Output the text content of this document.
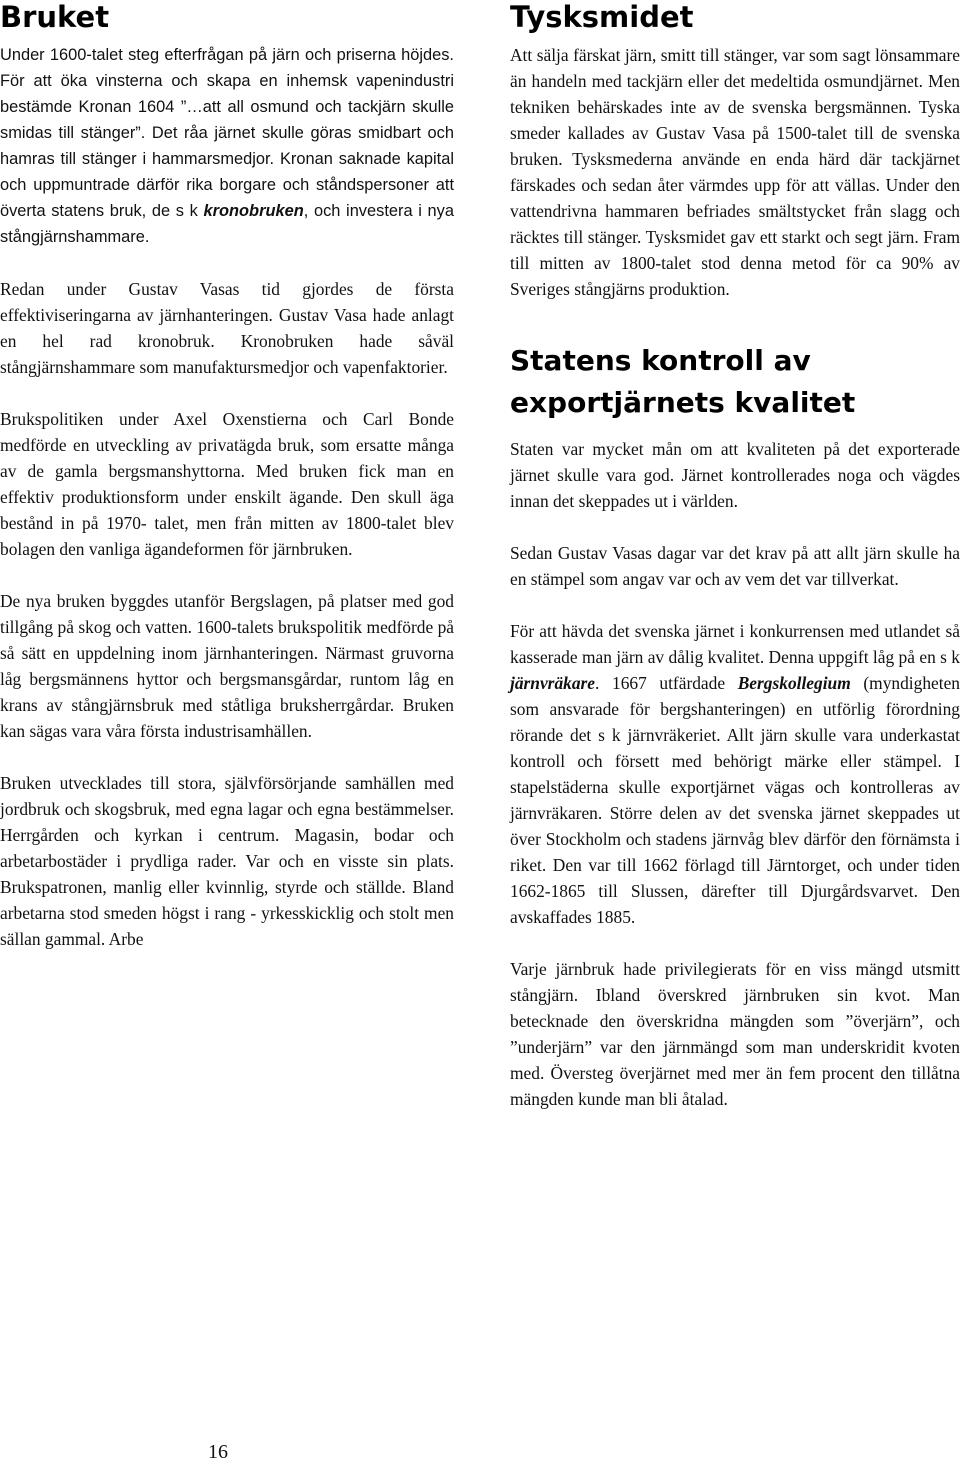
Bruket

Under 1600-talet steg efterfrågan på järn och priserna höjdes. För att öka vinsterna och skapa en inhemsk vapenindustri bestämde Kronan 1604 ”…att all osmund och tackjärn skulle smidas till stänger”. Det råa järnet skulle göras smidbart och hamras till stänger i hammarsmedjor. Kronan saknade kapital och uppmuntrade därför rika borgare och ståndspersoner att överta statens bruk, de s k kronobruken, och investera i nya stångjärnshammare.

Redan under Gustav Vasas tid gjordes de första effektiviseringarna av järnhanteringen. Gustav Vasa hade anlagt en hel rad kronobruk. Kronobruken hade såväl stångjärnshammare som manufaktursmedjor och vapenfaktorier.

Brukspolitiken under Axel Oxenstierna och Carl Bonde medförde en utveckling av privatägda bruk, som ersatte många av de gamla bergsmanshyttorna. Med bruken fick man en effektiv produktionsform under enskilt ägande. Den skull äga bestånd in på 1970- talet, men från mitten av 1800-talet blev bolagen den vanliga ägandeformen för järnbruken.

De nya bruken byggdes utanför Bergslagen, på platser med god tillgång på skog och vatten. 1600-talets brukspolitik medförde på så sätt en uppdelning inom järnhanteringen. Närmast gruvorna låg bergsmännens hyttor och bergsmansgårdar, runtom låg en krans av stångjärnsbruk med ståtliga bruksherrgårdar. Bruken kan sägas vara våra första industrisamhällen.

Bruken utvecklades till stora, självförsörjande samhällen med jordbruk och skogsbruk, med egna lagar och egna bestämmelser. Herrgården och kyrkan i centrum. Magasin, bodar och arbetarbostäder i prydliga rader. Var och en visste sin plats. Brukspatronen, manlig eller kvinnlig, styrde och ställde. Bland arbetarna stod smeden högst i rang - yrkesskicklig och stolt men sällan gammal. Arbe

Tysksmidet

Att sälja färskat järn, smitt till stänger, var som sagt lönsammare än handeln med tackjärn eller det medeltida osmundjärnet. Men tekniken behärskades inte av de svenska bergsmännen. Tyska smeder kallades av Gustav Vasa på 1500-talet till de svenska bruken. Tysksmederna använde en enda härd där tackjärnet färskades och sedan åter värmdes upp för att vällas. Under den vattendrivna hammaren befriades smältstycket från slagg och räcktes till stänger. Tysksmidet gav ett starkt och segt järn. Fram till mitten av 1800-talet stod denna metod för ca 90% av Sveriges stångjärns produktion.

Statens kontroll av
exportjärnets kvalitet

Staten var mycket mån om att kvaliteten på det exporterade järnet skulle vara god. Järnet kontrollerades noga och vägdes innan det skeppades ut i världen.

Sedan Gustav Vasas dagar var det krav på att allt järn skulle ha en stämpel som angav var och av vem det var tillverkat.

För att hävda det svenska järnet i konkurrensen med utlandet så kasserade man järn av dålig kvalitet. Denna uppgift låg på en s k järnvräkare. 1667 utfärdade Bergskollegium (myndigheten som ansvarade för bergshanteringen) en utförlig förordning rörande det s k järnvräkeriet. Allt järn skulle vara underkastat kontroll och försett med behörigt märke eller stämpel. I stapelstäderna skulle exportjärnet vägas och kontrolleras av järnvräkaren. Större delen av det svenska järnet skeppades ut över Stockholm och stadens järnvåg blev därför den förnämsta i riket. Den var till 1662 förlagd till Järntorget, och under tiden 1662-1865 till Slussen, därefter till Djurgårdsvarvet. Den avskaffades 1885.

Varje järnbruk hade privilegierats för en viss mängd utsmitt stångjärn. Ibland överskred järnbruken sin kvot. Man betecknade den överskridna mängden som ”överjärn”, och ”underjärn” var den järnmängd som man underskridit kvoten med. Översteg överjärnet med mer än fem procent den tillåtna mängden kunde man bli åtalad.

16
